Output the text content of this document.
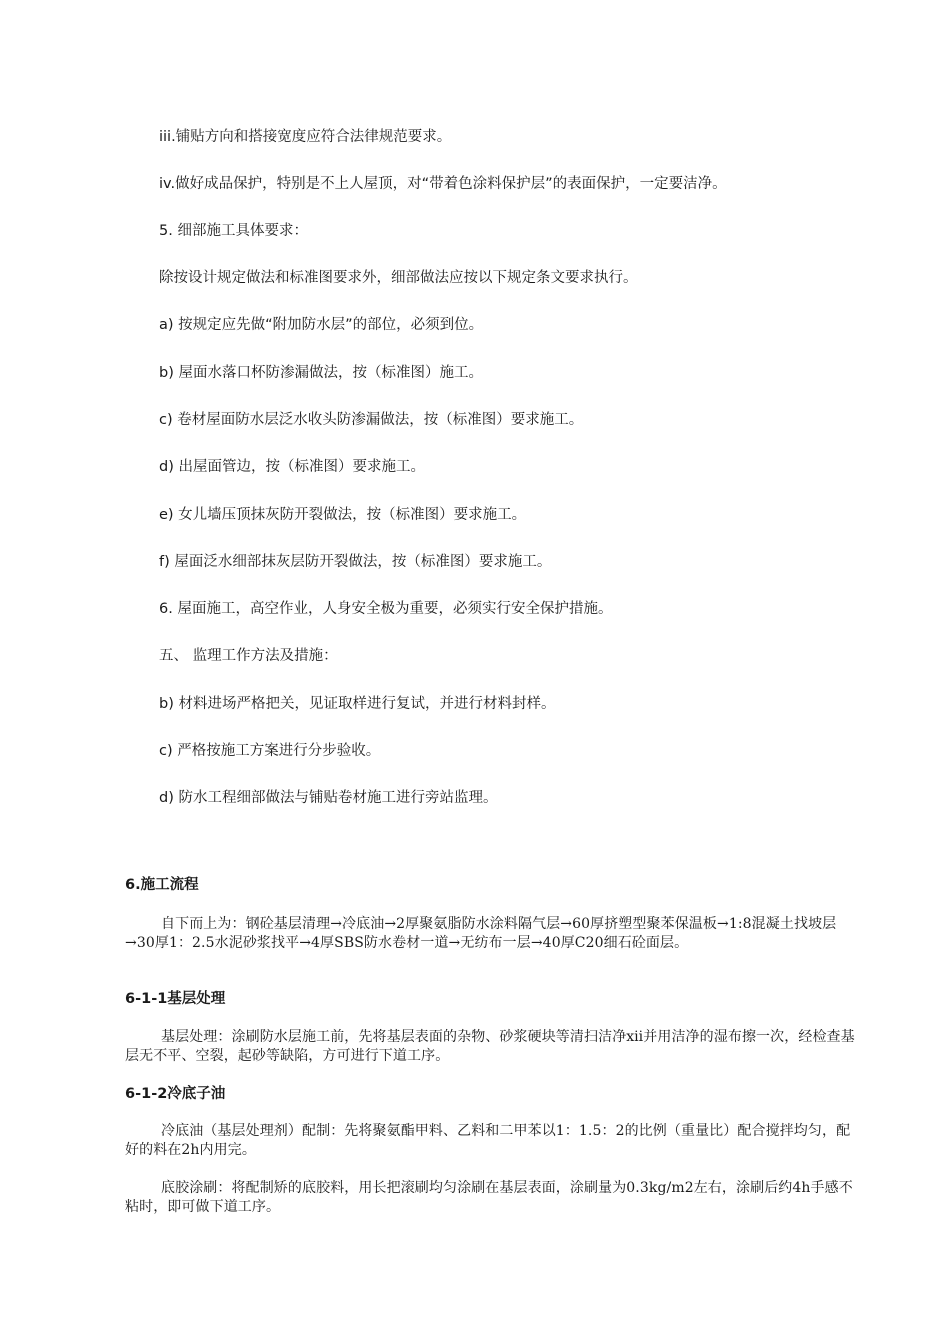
iii.铺贴方向和搭接宽度应符合法律规范要求。
iv.做好成品保护，特别是不上人屋顶，对“带着色涂料保护层”的表面保护，一定要洁净。
5. 细部施工具体要求：
除按设计规定做法和标准图要求外，细部做法应按以下规定条文要求执行。
a) 按规定应先做“附加防水层”的部位，必须到位。
b) 屋面水落口杯防渗漏做法，按（标准图）施工。
c) 卷材屋面防水层泛水收头防渗漏做法，按（标准图）要求施工。
d) 出屋面管边，按（标准图）要求施工。
e) 女儿墙压顶抹灰防开裂做法，按（标准图）要求施工。
f) 屋面泛水细部抹灰层防开裂做法，按（标准图）要求施工。
6. 屋面施工，高空作业，人身安全极为重要，必须实行安全保护措施。
五、 监理工作方法及措施：
b) 材料进场严格把关，见证取样进行复试，并进行材料封样。
c) 严格按施工方案进行分步验收。
d) 防水工程细部做法与铺贴卷材施工进行旁站监理。
6.施工流程
自下而上为：钢砼基层清理→冷底油→2厚聚氨脂防水涂料隔气层→60厚挤塑型聚苯保温板→1:8混凝土找坡层→30厚1：2.5水泥砂浆找平→4厚SBS防水卷材一道→无纺布一层→40厚C20细石砼面层。
6-1-1基层处理
基层处理：涂刷防水层施工前，先将基层表面的杂物、砂浆硬块等清扫洁净ⅻ并用洁净的湿布擦一次，经检查基层无不平、空裂，起砂等缺陷，方可进行下道工序。
6-1-2冷底子油
冷底油（基层处理剂）配制：先将聚氨酯甲料、乙料和二甲苯以1：1.5：2的比例（重量比）配合搅拌均匀，配好的料在2h内用完。
底胶涂刷：将配制矫的底胶料，用长把滚刷均匀涂刷在基层表面，涂刷量为0.3kg/m2左右，涂刷后约4h手感不粘时，即可做下道工序。
